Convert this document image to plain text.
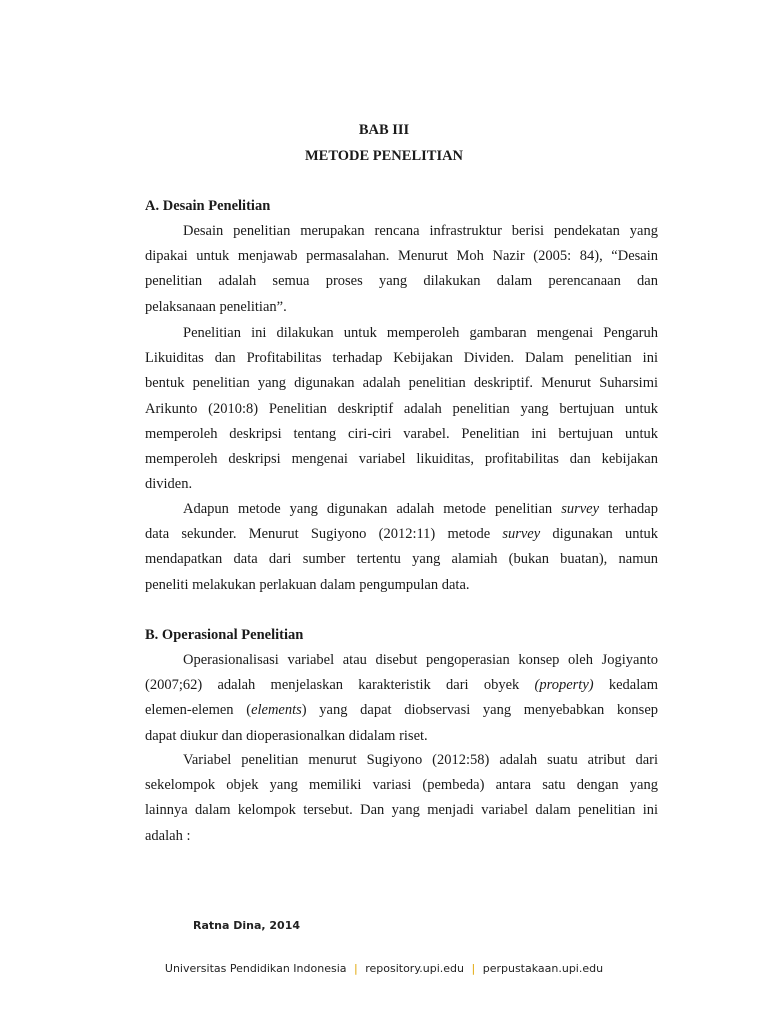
BAB III
METODE PENELITIAN
A. Desain Penelitian
Desain penelitian merupakan rencana infrastruktur berisi pendekatan yang
dipakai untuk menjawab permasalahan. Menurut Moh Nazir (2005: 84), “Desain
penelitian adalah semua proses yang dilakukan dalam perencanaan dan
pelaksanaan penelitian”.
Penelitian ini dilakukan untuk memperoleh gambaran mengenai Pengaruh
Likuiditas dan Profitabilitas terhadap Kebijakan Dividen. Dalam penelitian ini
bentuk penelitian yang digunakan adalah penelitian deskriptif. Menurut Suharsimi
Arikunto (2010:8) Penelitian deskriptif adalah penelitian yang bertujuan untuk
memperoleh deskripsi tentang ciri-ciri varabel. Penelitian ini bertujuan untuk
memperoleh deskripsi mengenai variabel likuiditas, profitabilitas dan kebijakan
dividen.
Adapun metode yang digunakan adalah metode penelitian survey terhadap
data sekunder. Menurut Sugiyono (2012:11) metode survey digunakan untuk
mendapatkan data dari sumber tertentu yang alamiah (bukan buatan), namun
peneliti melakukan perlakuan dalam pengumpulan data.
B. Operasional Penelitian
Operasionalisasi variabel atau disebut pengoperasian konsep oleh Jogiyanto
(2007;62) adalah menjelaskan karakteristik dari obyek (property) kedalam
elemen-elemen (elements) yang dapat diobservasi yang menyebabkan konsep
dapat diukur dan dioperasionalkan didalam riset.
Variabel penelitian menurut Sugiyono (2012:58) adalah suatu atribut dari
sekelompok objek yang memiliki variasi (pembeda) antara satu dengan yang
lainnya dalam kelompok tersebut. Dan yang menjadi variabel dalam penelitian ini
adalah :
Ratna Dina, 2014
Universitas Pendidikan Indonesia | repository.upi.edu | perpustakaan.upi.edu
